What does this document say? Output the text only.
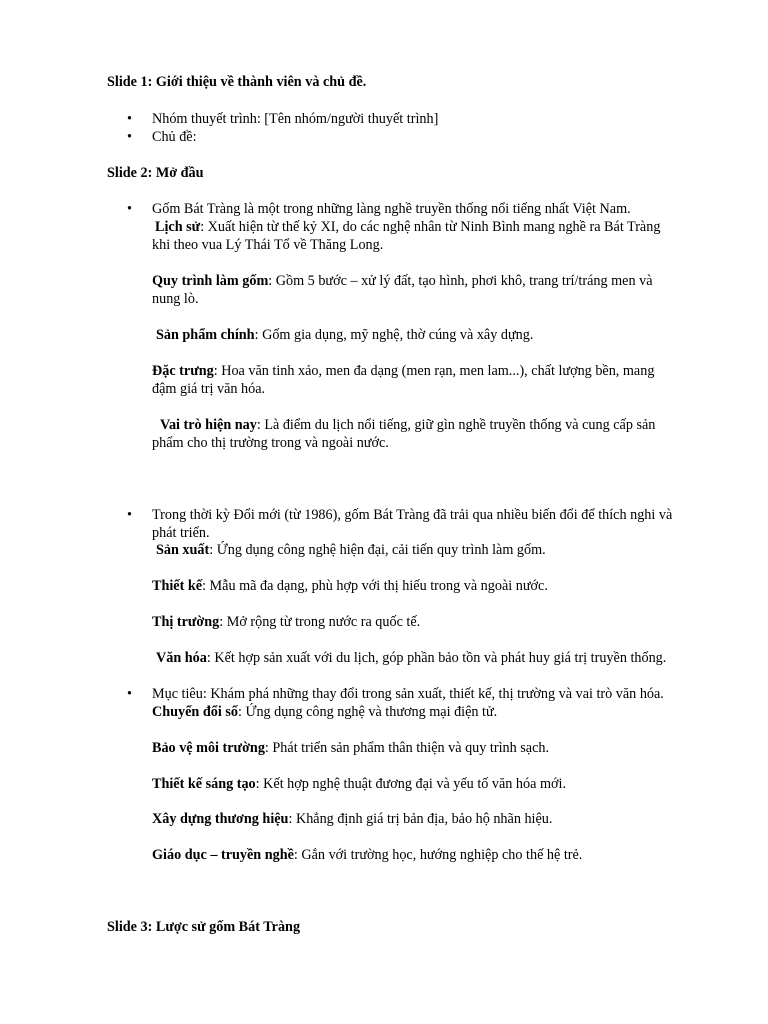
Slide 1: Giới thiệu về thành viên và chủ đề.
• Nhóm thuyết trình: [Tên nhóm/người thuyết trình]
• Chủ đề:
Slide 2: Mở đầu
• Gốm Bát Tràng là một trong những làng nghề truyền thống nổi tiếng nhất Việt Nam.
Lịch sử: Xuất hiện từ thế kỷ XI, do các nghệ nhân từ Ninh Bình mang nghề ra Bát Tràng
khi theo vua Lý Thái Tổ về Thăng Long.
Quy trình làm gốm: Gồm 5 bước – xử lý đất, tạo hình, phơi khô, trang trí/tráng men và
nung lò.
Sản phẩm chính: Gốm gia dụng, mỹ nghệ, thờ cúng và xây dựng.
Đặc trưng: Hoa văn tinh xảo, men đa dạng (men rạn, men lam...), chất lượng bền, mang
đậm giá trị văn hóa.
Vai trò hiện nay: Là điểm du lịch nổi tiếng, giữ gìn nghề truyền thống và cung cấp sản
phẩm cho thị trường trong và ngoài nước.
• Trong thời kỳ Đổi mới (từ 1986), gốm Bát Tràng đã trải qua nhiều biến đổi để thích nghi và
phát triển.
Sản xuất: Ứng dụng công nghệ hiện đại, cải tiến quy trình làm gốm.
Thiết kế: Mẫu mã đa dạng, phù hợp với thị hiếu trong và ngoài nước.
Thị trường: Mở rộng từ trong nước ra quốc tế.
Văn hóa: Kết hợp sản xuất với du lịch, góp phần bảo tồn và phát huy giá trị truyền thống.
• Mục tiêu: Khám phá những thay đổi trong sản xuất, thiết kế, thị trường và vai trò văn hóa.
Chuyển đổi số: Ứng dụng công nghệ và thương mại điện tử.
Bảo vệ môi trường: Phát triển sản phẩm thân thiện và quy trình sạch.
Thiết kế sáng tạo: Kết hợp nghệ thuật đương đại và yếu tố văn hóa mới.
Xây dựng thương hiệu: Khẳng định giá trị bản địa, bảo hộ nhãn hiệu.
Giáo dục – truyền nghề: Gắn với trường học, hướng nghiệp cho thế hệ trẻ.
Slide 3: Lược sử gốm Bát Tràng
